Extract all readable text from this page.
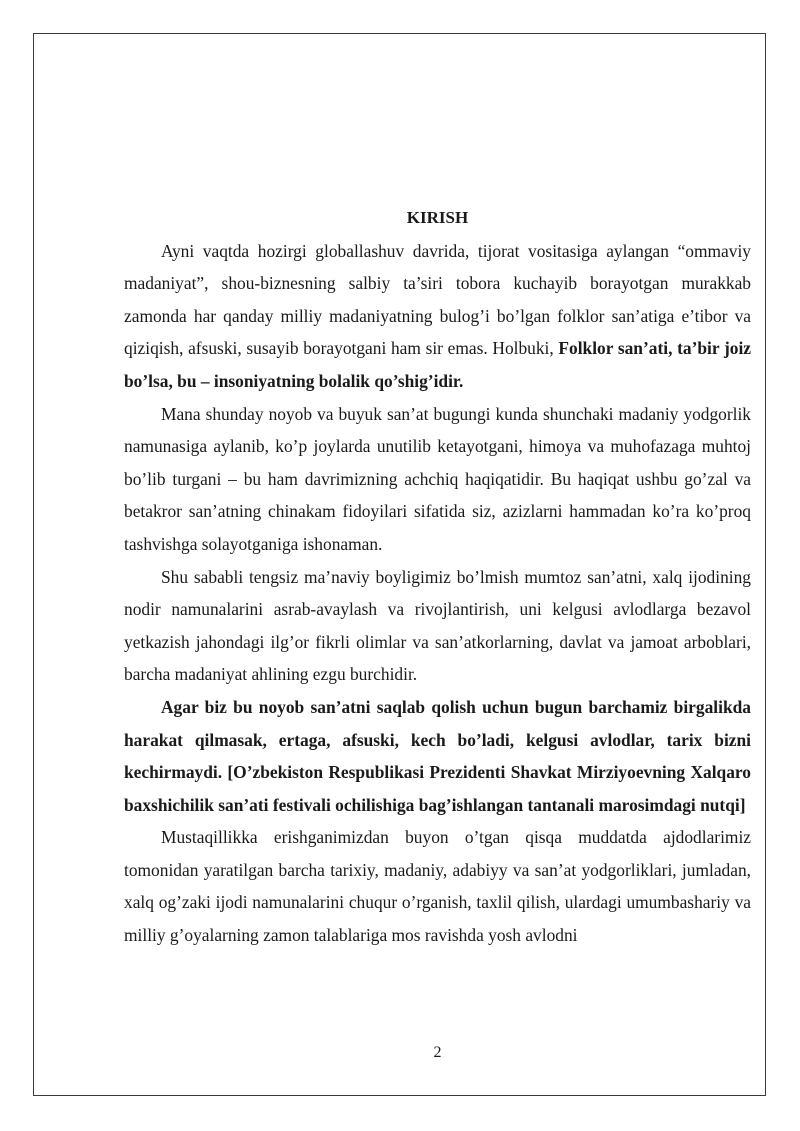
KIRISH

Ayni vaqtda hozirgi globallashuv davrida, tijorat vositasiga aylangan “ommaviy madaniyat”, shou-biznesning salbiy ta’siri tobora kuchayib borayotgan murakkab zamonda har qanday milliy madaniyatning bulog’i bo’lgan folklor san’atiga e’tibor va qiziqish, afsuski, susayib borayotgani ham sir emas. Holbuki, Folklor san’ati, ta’bir joiz bo’lsa, bu – insoniyatning bolalik qo’shig’idir.

Mana shunday noyob va buyuk san’at bugungi kunda shunchaki madaniy yodgorlik namunasiga aylanib, ko’p joylarda unutilib ketayotgani, himoya va muhofazaga muhtoj bo’lib turgani – bu ham davrimizning achchiq haqiqatidir. Bu haqiqat ushbu go’zal va betakror san’atning chinakam fidoyilari sifatida siz, azizlarni hammadan ko’ra ko’proq tashvishga solayotganiga ishonaman.

Shu sababli tengsiz ma’naviy boyligimiz bo’lmish mumtoz san’atni, xalq ijodining nodir namunalarini asrab-avaylash va rivojlantirish, uni kelgusi avlodlarga bezavol yetkazish jahondagi ilg’or fikrli olimlar va san’atkorlarning, davlat va jamoat arboblari, barcha madaniyat ahlining ezgu burchidir.

Agar biz bu noyob san’atni saqlab qolish uchun bugun barchamiz birgalikda harakat qilmasak, ertaga, afsuski, kech bo’ladi, kelgusi avlodlar, tarix bizni kechirmaydi. [O’zbekiston Respublikasi Prezidenti Shavkat Mirziyoevning Xalqaro baxshichilik san’ati festivali ochilishiga bag’ishlangan tantanali marosimdagi nutqi]

Mustaqillikka erishganimizdan buyon o’tgan qisqa muddatda ajdodlarimiz tomonidan yaratilgan barcha tarixiy, madaniy, adabiyy va san’at yodgorliklari, jumladan, xalq og’zaki ijodi namunalarini chuqur o’rganish, taxlil qilish, ulardagi umumbashariy va milliy g’oyalarning zamon talablariga mos ravishda yosh avlodni

2
